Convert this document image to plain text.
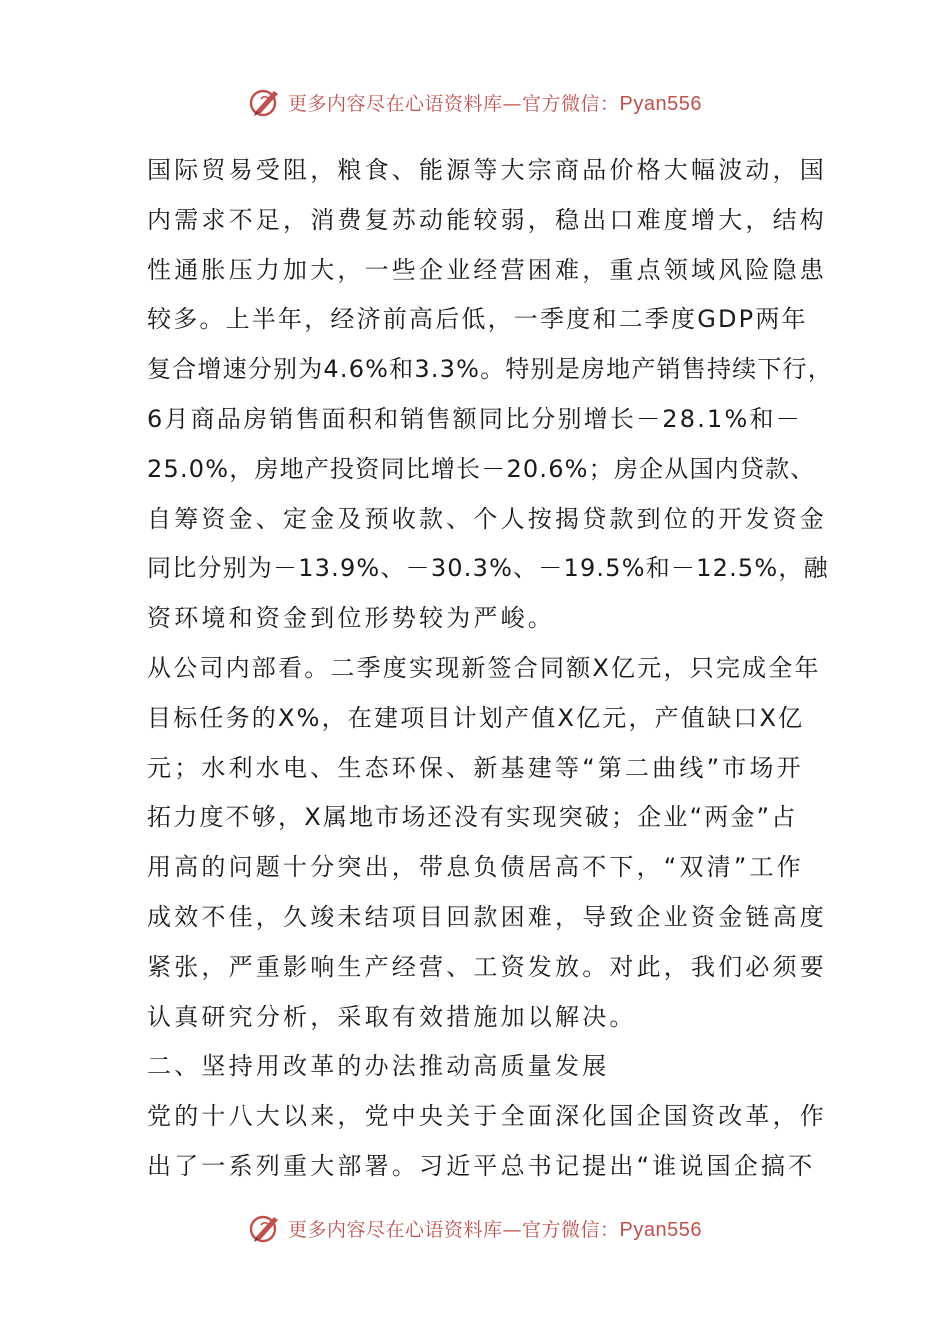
更多内容尽在心语资料库—官方微信：Pyan556
国际贸易受阻，粮食、能源等大宗商品价格大幅波动，国
内需求不足，消费复苏动能较弱，稳出口难度增大，结构
性通胀压力加大，一些企业经营困难，重点领域风险隐患
较多。上半年，经济前高后低，一季度和二季度GDP两年
复合增速分别为4.6%和3.3%。特别是房地产销售持续下行，
6月商品房销售面积和销售额同比分别增长－28.1%和－
25.0%，房地产投资同比增长－20.6%；房企从国内贷款、
自筹资金、定金及预收款、个人按揭贷款到位的开发资金
同比分别为－13.9%、－30.3%、－19.5%和－12.5%，融
资环境和资金到位形势较为严峻。
从公司内部看。二季度实现新签合同额X亿元，只完成全年
目标任务的X%，在建项目计划产值X亿元，产值缺口X亿
元；水利水电、生态环保、新基建等“第二曲线”市场开
拓力度不够，X属地市场还没有实现突破；企业“两金”占
用高的问题十分突出，带息负债居高不下，“双清”工作
成效不佳，久竣未结项目回款困难，导致企业资金链高度
紧张，严重影响生产经营、工资发放。对此，我们必须要
认真研究分析，采取有效措施加以解决。
二、坚持用改革的办法推动高质量发展
党的十八大以来，党中央关于全面深化国企国资改革，作
出了一系列重大部署。习近平总书记提出“谁说国企搞不
更多内容尽在心语资料库—官方微信：Pyan556
